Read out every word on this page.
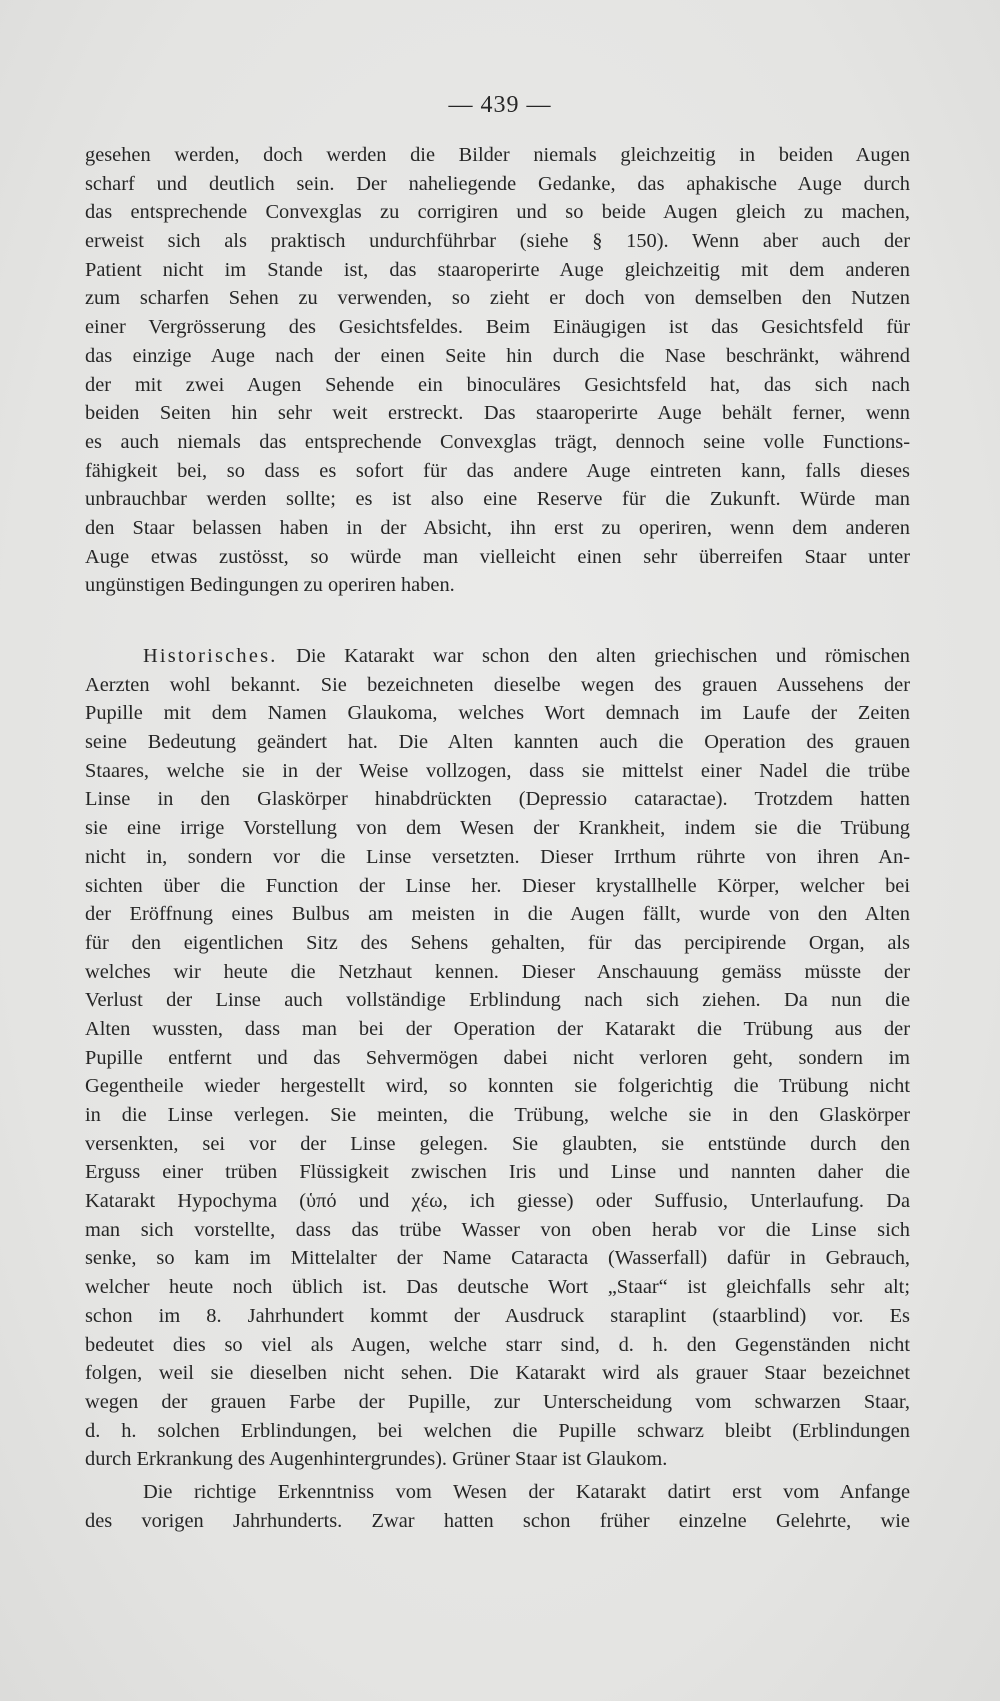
— 439 —
gesehen werden, doch werden die Bilder niemals gleichzeitig in beiden Augen
scharf und deutlich sein. Der naheliegende Gedanke, das aphakische Auge durch
das entsprechende Convexglas zu corrigiren und so beide Augen gleich zu machen,
erweist sich als praktisch undurchführbar (siehe § 150). Wenn aber auch der
Patient nicht im Stande ist, das staaroperirte Auge gleichzeitig mit dem anderen
zum scharfen Sehen zu verwenden, so zieht er doch von demselben den Nutzen
einer Vergrösserung des Gesichtsfeldes. Beim Einäugigen ist das Gesichtsfeld für
das einzige Auge nach der einen Seite hin durch die Nase beschränkt, während
der mit zwei Augen Sehende ein binoculäres Gesichtsfeld hat, das sich nach
beiden Seiten hin sehr weit erstreckt. Das staaroperirte Auge behält ferner, wenn
es auch niemals das entsprechende Convexglas trägt, dennoch seine volle Functions-
fähigkeit bei, so dass es sofort für das andere Auge eintreten kann, falls dieses
unbrauchbar werden sollte; es ist also eine Reserve für die Zukunft. Würde man
den Staar belassen haben in der Absicht, ihn erst zu operiren, wenn dem anderen
Auge etwas zustösst, so würde man vielleicht einen sehr überreifen Staar unter
ungünstigen Bedingungen zu operiren haben.
Historisches. Die Katarakt war schon den alten griechischen und römischen
Aerzten wohl bekannt. Sie bezeichneten dieselbe wegen des grauen Aussehens der
Pupille mit dem Namen Glaukoma, welches Wort demnach im Laufe der Zeiten
seine Bedeutung geändert hat. Die Alten kannten auch die Operation des grauen
Staares, welche sie in der Weise vollzogen, dass sie mittelst einer Nadel die trübe
Linse in den Glaskörper hinabdrückten (Depressio cataractae). Trotzdem hatten
sie eine irrige Vorstellung von dem Wesen der Krankheit, indem sie die Trübung
nicht in, sondern vor die Linse versetzten. Dieser Irrthum rührte von ihren An-
sichten über die Function der Linse her. Dieser krystallhelle Körper, welcher bei
der Eröffnung eines Bulbus am meisten in die Augen fällt, wurde von den Alten
für den eigentlichen Sitz des Sehens gehalten, für das percipirende Organ, als
welches wir heute die Netzhaut kennen. Dieser Anschauung gemäss müsste der
Verlust der Linse auch vollständige Erblindung nach sich ziehen. Da nun die
Alten wussten, dass man bei der Operation der Katarakt die Trübung aus der
Pupille entfernt und das Sehvermögen dabei nicht verloren geht, sondern im
Gegentheile wieder hergestellt wird, so konnten sie folgerichtig die Trübung nicht
in die Linse verlegen. Sie meinten, die Trübung, welche sie in den Glaskörper
versenkten, sei vor der Linse gelegen. Sie glaubten, sie entstünde durch den
Erguss einer trüben Flüssigkeit zwischen Iris und Linse und nannten daher die
Katarakt Hypochyma (ὑπό und χέω, ich giesse) oder Suffusio, Unterlaufung. Da
man sich vorstellte, dass das trübe Wasser von oben herab vor die Linse sich
senke, so kam im Mittelalter der Name Cataracta (Wasserfall) dafür in Gebrauch,
welcher heute noch üblich ist. Das deutsche Wort „Staar“ ist gleichfalls sehr alt;
schon im 8. Jahrhundert kommt der Ausdruck staraplint (staarblind) vor. Es
bedeutet dies so viel als Augen, welche starr sind, d. h. den Gegenständen nicht
folgen, weil sie dieselben nicht sehen. Die Katarakt wird als grauer Staar bezeichnet
wegen der grauen Farbe der Pupille, zur Unterscheidung vom schwarzen Staar,
d. h. solchen Erblindungen, bei welchen die Pupille schwarz bleibt (Erblindungen
durch Erkrankung des Augenhintergrundes). Grüner Staar ist Glaukom.
Die richtige Erkenntniss vom Wesen der Katarakt datirt erst vom Anfange
des vorigen Jahrhunderts. Zwar hatten schon früher einzelne Gelehrte, wie
